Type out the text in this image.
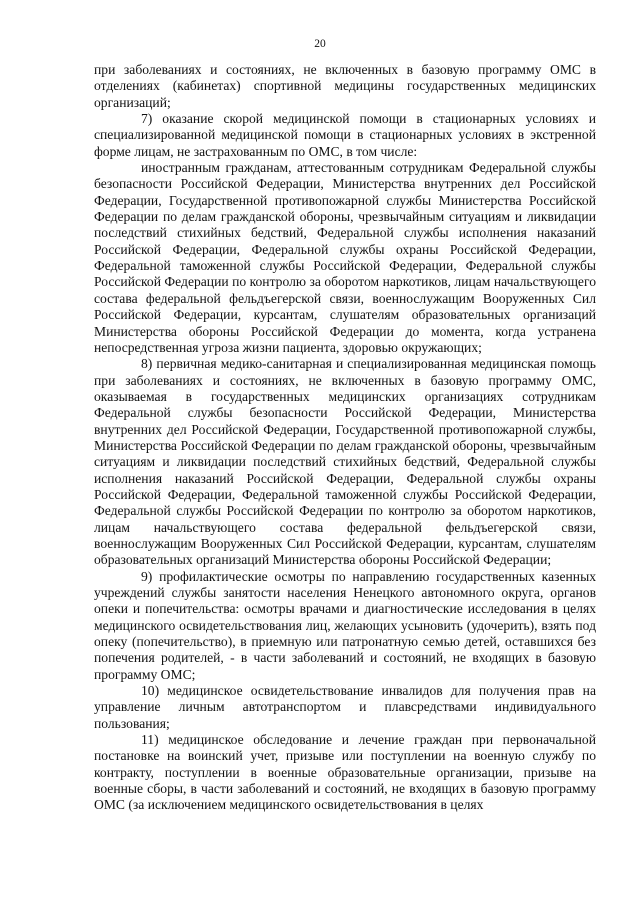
20

при заболеваниях и состояниях, не включенных в базовую программу ОМС в отделениях (кабинетах) спортивной медицины государственных медицинских организаций;

7) оказание скорой медицинской помощи в стационарных условиях и специализированной медицинской помощи в стационарных условиях в экстренной форме лицам, не застрахованным по ОМС, в том числе:

иностранным гражданам, аттестованным сотрудникам Федеральной службы безопасности Российской Федерации, Министерства внутренних дел Российской Федерации, Государственной противопожарной службы Министерства Российской Федерации по делам гражданской обороны, чрезвычайным ситуациям и ликвидации последствий стихийных бедствий, Федеральной службы исполнения наказаний Российской Федерации, Федеральной службы охраны Российской Федерации, Федеральной таможенной службы Российской Федерации, Федеральной службы Российской Федерации по контролю за оборотом наркотиков, лицам начальствующего состава федеральной фельдъегерской связи, военнослужащим Вооруженных Сил Российской Федерации, курсантам, слушателям образовательных организаций Министерства обороны Российской Федерации до момента, когда устранена непосредственная угроза жизни пациента, здоровью окружающих;

8) первичная медико-санитарная и специализированная медицинская помощь при заболеваниях и состояниях, не включенных в базовую программу ОМС, оказываемая в государственных медицинских организациях сотрудникам Федеральной службы безопасности Российской Федерации, Министерства внутренних дел Российской Федерации, Государственной противопожарной службы, Министерства Российской Федерации по делам гражданской обороны, чрезвычайным ситуациям и ликвидации последствий стихийных бедствий, Федеральной службы исполнения наказаний Российской Федерации, Федеральной службы охраны Российской Федерации, Федеральной таможенной службы Российской Федерации, Федеральной службы Российской Федерации по контролю за оборотом наркотиков, лицам начальствующего состава федеральной фельдъегерской связи, военнослужащим Вооруженных Сил Российской Федерации, курсантам, слушателям образовательных организаций Министерства обороны Российской Федерации;

9) профилактические осмотры по направлению государственных казенных учреждений службы занятости населения Ненецкого автономного округа, органов опеки и попечительства: осмотры врачами и диагностические исследования в целях медицинского освидетельствования лиц, желающих усыновить (удочерить), взять под опеку (попечительство), в приемную или патронатную семью детей, оставшихся без попечения родителей, - в части заболеваний и состояний, не входящих в базовую программу ОМС;

10) медицинское освидетельствование инвалидов для получения прав на управление личным автотранспортом и плавсредствами индивидуального пользования;

11) медицинское обследование и лечение граждан при первоначальной постановке на воинский учет, призыве или поступлении на военную службу по контракту, поступлении в военные образовательные организации, призыве на военные сборы, в части заболеваний и состояний, не входящих в базовую программу ОМС (за исключением медицинского освидетельствования в целях
